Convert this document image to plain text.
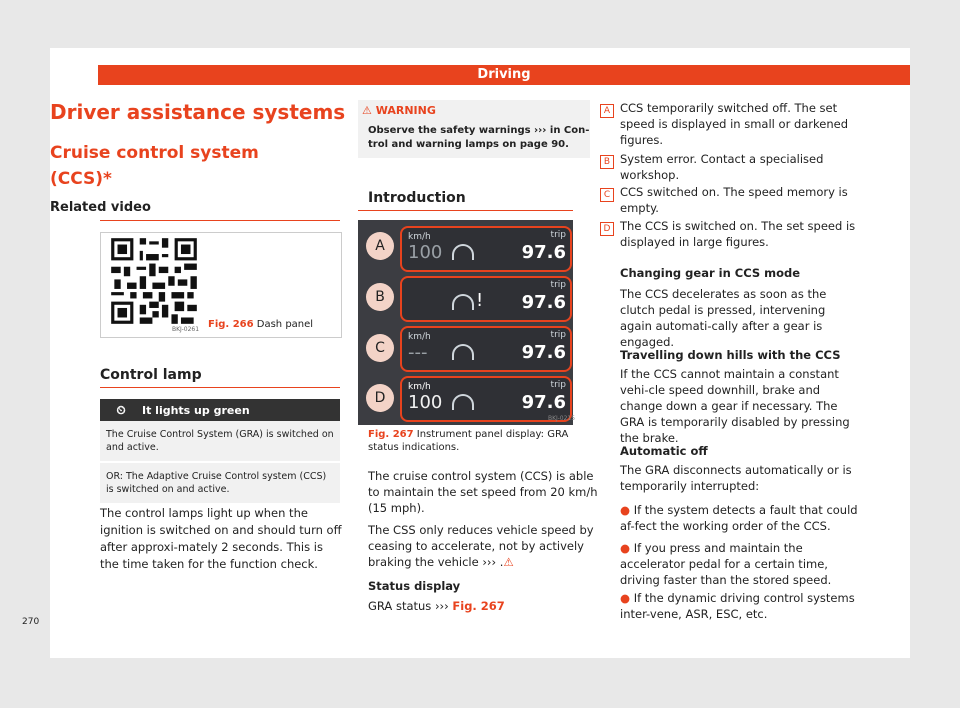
Driving
Driver assistance systems
Cruise control system (CCS)*
Related video
BKJ-0261 Fig. 266 Dash panel
Control lamp
⏲	It lights up green
The Cruise Control System (GRA) is switched on and active.
OR: The Adaptive Cruise Control system (CCS) is switched on and active.
The control lamps light up when the ignition is switched on and should turn off after approxi-mately 2 seconds. This is the time taken for the function check.
⚠ WARNING
Observe the safety warnings ››› in Con-trol and warning lamps on page 90.
Introduction
A
km/h
100
trip
97.6
B	!
trip
97.6
C
km/h
---
trip
97.6
D
km/h
100
trip
97.6
BKJ-0215
Fig. 267 Instrument panel display: GRA status indications.
The cruise control system (CCS) is able to maintain the set speed from 20 km/h (15 mph).
The CSS only reduces vehicle speed by ceasing to accelerate, not by actively braking the vehicle ››› .⚠
Status display
GRA status ››› Fig. 267
A CCS temporarily switched off. The set speed is displayed in small or darkened figures.
B System error. Contact a specialised workshop.
C CCS switched on. The speed memory is empty.
D The CCS is switched on. The set speed is displayed in large figures.
Changing gear in CCS mode
The CCS decelerates as soon as the clutch pedal is pressed, intervening again automati-cally after a gear is engaged.
Travelling down hills with the CCS
If the CCS cannot maintain a constant vehi-cle speed downhill, brake and change down a gear if necessary. The GRA is temporarily disabled by pressing the brake.
Automatic off
The GRA disconnects automatically or is temporarily interrupted:
● If the system detects a fault that could af-fect the working order of the CCS.
● If you press and maintain the accelerator pedal for a certain time, driving faster than the stored speed.
● If the dynamic driving control systems inter-vene, ASR, ESC, etc.
270
